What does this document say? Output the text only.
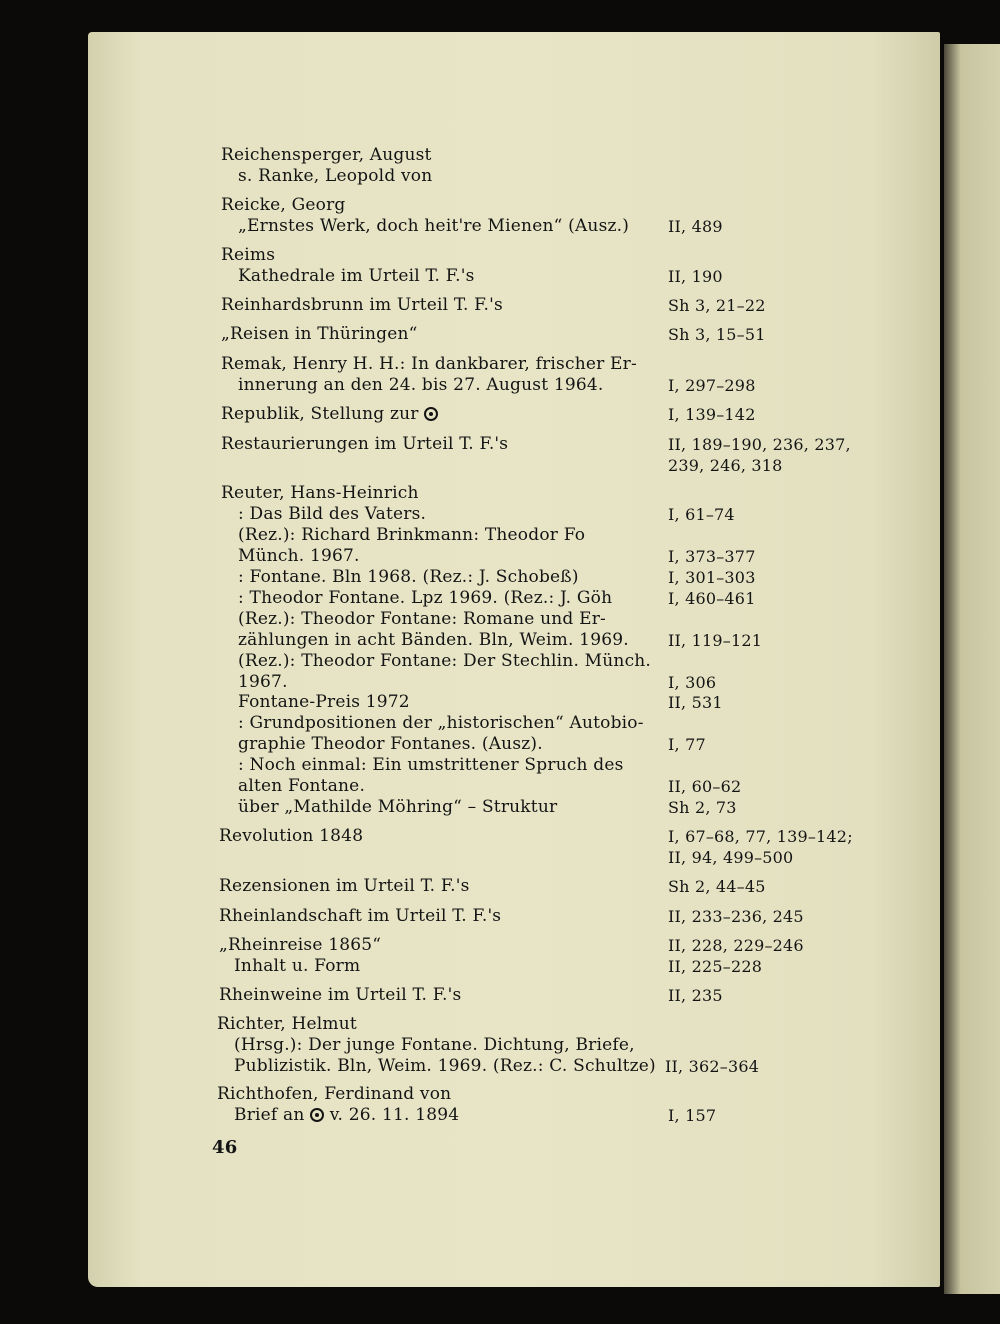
Reichensperger, August
s. Ranke, Leopold von
Reicke, Georg
„Ernstes Werk, doch heit're Mienen“ (Ausz.) II, 489
Reims
Kathedrale im Urteil T. F.'s	II, 190
Reinhardsbrunn im Urteil T. F.'s	Sh 3, 21–22
„Reisen in Thüringen“	Sh 3, 15–51
Remak, Henry H. H.: In dankbarer, frischer Er-
innerung an den 24. bis 27. August 1964.	I, 297–298
Republik, Stellung zur	I, 139–142
Restaurierungen im Urteil T. F.'s	II, 189–190, 236, 237,
239, 246, 318
Reuter, Hans-Heinrich
: Das Bild des Vaters.	I, 61–74
(Rez.): Richard Brinkmann: Theodor Fo
Münch. 1967.	I, 373–377
: Fontane. Bln 1968. (Rez.: J. Schobeß)	I, 301–303
: Theodor Fontane. Lpz 1969. (Rez.: J. Göh	I, 460–461
(Rez.): Theodor Fontane: Romane und Er-
zählungen in acht Bänden. Bln, Weim. 1969. II, 119–121
(Rez.): Theodor Fontane: Der Stechlin. Münch.
1967.	I, 306
Fontane-Preis 1972	II, 531
: Grundpositionen der „historischen“ Autobio-
graphie Theodor Fontanes. (Ausz).	I, 77
: Noch einmal: Ein umstrittener Spruch des
alten Fontane.	II, 60–62
über „Mathilde Möhring“ – Struktur	Sh 2, 73
Revolution 1848	I, 67–68, 77, 139–142;
II, 94, 499–500
Rezensionen im Urteil T. F.'s	Sh 2, 44–45
Rheinlandschaft im Urteil T. F.'s	II, 233–236, 245
„Rheinreise 1865“	II, 228, 229–246
Inhalt u. Form	II, 225–228
Rheinweine im Urteil T. F.'s	II, 235
Richter, Helmut
(Hrsg.): Der junge Fontane. Dichtung, Briefe,
Publizistik. Bln, Weim. 1969. (Rez.: C. Schultze) II, 362–364
Richthofen, Ferdinand von
Brief an v. 26. 11. 1894	I, 157
46
